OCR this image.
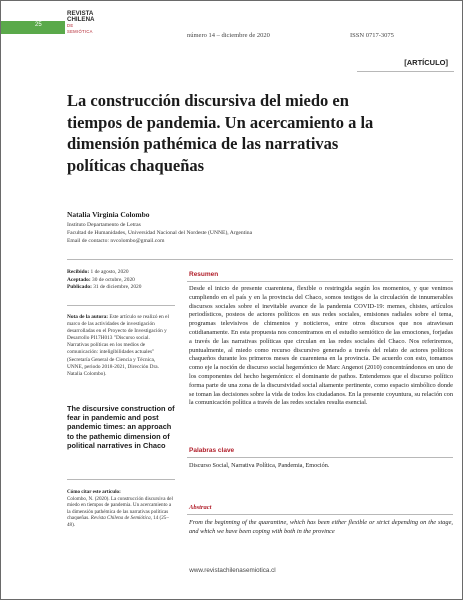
25
REVISTA
CHILENA
DE
SEMIÓTICA
número 14 – diciembre de 2020	ISSN 0717-3075
[ARTÍCULO]
La construcción discursiva del miedo en tiempos de pandemia. Un acercamiento a la dimensión pathémica de las narrativas políticas chaqueñas
Natalia Virginia Colombo
Instituto Departamento de Letras
Facultad de Humanidades, Universidad Nacional del Nordeste (UNNE), Argentina
Email de contacto: nvcolombo@gmail.com
Recibido: 1 de agosto, 2020
Aceptado: 30 de octubre, 2020
Publicado: 31 de diciembre, 2020
Nota de la autora: Este artículo se realizó en el marco de las actividades de investigación desarrolladas en el Proyecto de Investigación y Desarrollo PI17H013 "Discurso social. Narrativas políticas en los medios de comunicación: inteligibilidades actuales" (Secretaría General de Ciencia y Técnica, UNNE, periodo 2018-2021, Dirección Dra. Natalia Colombo).
The discursive construction of fear in pandemic and post pandemic times: an approach to the pathemic dimension of political narratives in Chaco
Cómo citar este artículo:
Colombo, N. (2020). La construcción discursiva del miedo en tiempos de pandemia. Un acercamiento a la dimensión pathémica de las narrativas políticas chaqueñas. Revista Chilena de Semiótica, 14 (25–48).
Resumen
Desde el inicio de presente cuarentena, flexible o restringida según los momentos, y que venimos cumpliendo en el país y en la provincia del Chaco, somos testigos de la circulación de innumerables discursos sociales sobre el inevitable avance de la pandemia COVID-19: memes, chistes, artículos periodísticos, posteos de actores políticos en sus redes sociales, emisiones radiales sobre el tema, programas televisivos de chimentos y noticieros, entre otros discursos que nos atraviesan cotidianamente. En esta propuesta nos concentramos en el estudio semiótico de las emociones, forjadas a través de las narrativas políticas que circulan en las redes sociales del Chaco. Nos referiremos, puntualmente, al miedo como recurso discursivo generado a través del relato de actores políticos chaqueños durante los primeros meses de cuarentena en la provincia. De acuerdo con esto, tomamos como eje la noción de discurso social hegemónico de Marc Angenot (2010) concentrándonos en uno de los componentes del hecho hegemónico: el dominante de pathos. Entendemos que el discurso político forma parte de una zona de la discursividad social altamente pertinente, como espacio simbólico donde se toman las decisiones sobre la vida de todos los ciudadanos. En la presente coyuntura, su relación con la comunicación política a través de las redes sociales resulta esencial.
Palabras clave
Discurso Social, Narrativa Política, Pandemia, Emoción.
Abstract
From the beginning of the quarantine, which has been either flexible or strict depending on the stage, and which we have been coping with both in the province
www.revistachilenasemiotica.cl
